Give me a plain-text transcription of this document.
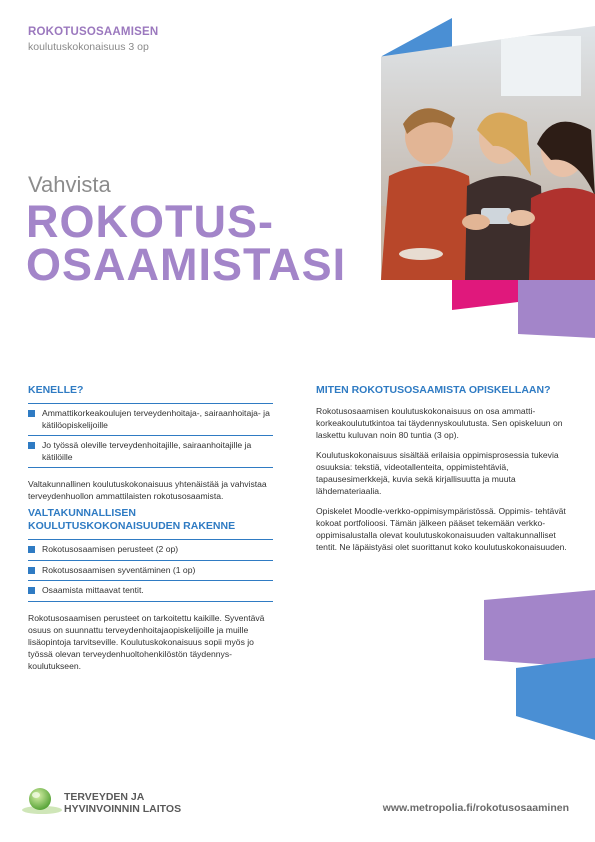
ROKOTUSOSAAMISEN
koulutuskokonaisuus 3 op
Vahvista
ROKOTUS-
OSAAMISTASI
KENELLE?
Ammattikorkeakoulujen terveydenhoitaja-, sairaanhoitaja- ja kätilöopiskelijoille
Jo työssä oleville terveydenhoitajille, sairaanhoitajille ja kätilöille

Valtakunnallinen koulutuskokonaisuus yhtenäistää ja vahvistaa terveydenhuollon ammattilaisten rokotusosaamista.

VALTAKUNNALLISEN
KOULUTUSKOKONAISUUDEN RAKENNE
Rokotusosaamisen perusteet (2 op)
Rokotusosaamisen syventäminen (1 op)
Osaamista mittaavat tentit.

Rokotusosaamisen perusteet on tarkoitettu kaikille. Syventävä osuus on suunnattu terveydenhoitajaopiskelijoille ja muille lisäopintoja tarvitseville. Koulutuskokonaisuus sopii myös jo työssä olevan terveydenhuoltohenkilöstön täydennys- koulutukseen.

MITEN ROKOTUSOSAAMISTA OPISKELLAAN?

Rokotusosaamisen koulutuskokonaisuus on osa ammatti- korkeakoulututkintoa tai täydennyskoulutusta. Sen opiskeluun on laskettu kuluvan noin 80 tuntia (3 op).

Koulutuskokonaisuus sisältää erilaisia oppimisprosessia tukevia osuuksia: tekstiä, videotallenteita, oppimistehtäviä, tapausesimerkkejä, kuvia sekä kirjallisuutta ja muuta lähdemateriaalia.

Opiskelet Moodle-verkko-oppimisympäristössä. Oppimis- tehtävät kokoat portfolioosi. Tämän jälkeen pääset tekemään verkko-oppimisalustalla olevat koulutuskokonaisuuden valtakunnalliset tentit. Ne läpäistyäsi olet suorittanut koko koulutuskokonaisuuden.

TERVEYDEN JA
HYVINVOINNIN LAITOS	www.metropolia.fi/rokotusosaaminen
